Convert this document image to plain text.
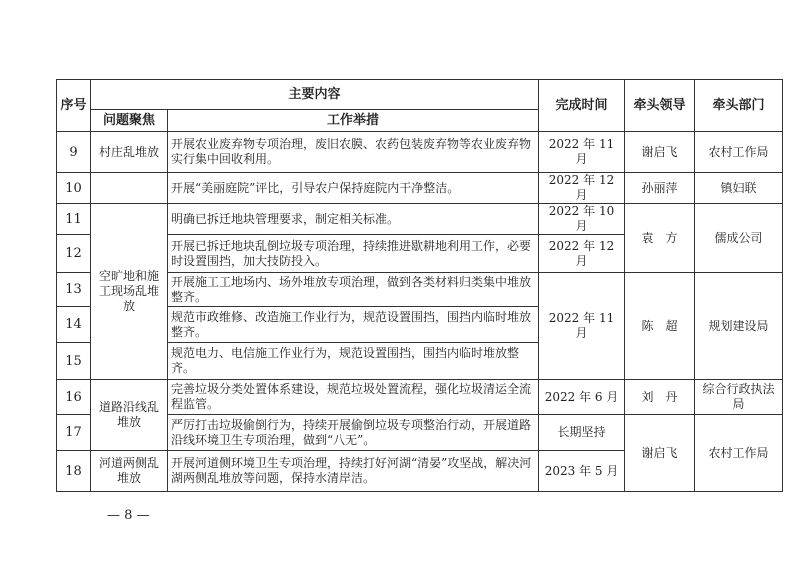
序号	主要内容		完成时间	牵头领导	牵头部门
	问题聚焦	工作举措			
9	村庄乱堆放	开展农业废弃物专项治理，废旧农膜、农药包装废弃物等农业废弃物实行集中回收利用。	2022 年 11 月	谢启飞	农村工作局
10		开展“美丽庭院”评比，引导农户保持庭院内干净整洁。	2022 年 12 月	孙丽萍	镇妇联
11	空旷地和施工现场乱堆放	明确已拆迁地块管理要求，制定相关标准。	2022 年 10 月	袁　方	儒成公司
12		开展已拆迁地块乱倒垃圾专项治理，持续推进歇耕地利用工作，必要时设置围挡，加大技防投入。	2022 年 12 月		
13		开展施工工地场内、场外堆放专项治理，做到各类材料归类集中堆放整齐。	2022 年 11 月	陈　超	规划建设局
14		规范市政维修、改造施工作业行为，规范设置围挡，围挡内临时堆放整齐。			
15		规范电力、电信施工作业行为，规范设置围挡，围挡内临时堆放整齐。			
16	道路沿线乱堆放	完善垃圾分类处置体系建设，规范垃圾处置流程，强化垃圾清运全流程监管。	2022 年 6 月	刘　丹	综合行政执法局
17		严厉打击垃圾偷倒行为，持续开展偷倒垃圾专项整治行动，开展道路沿线环境卫生专项治理，做到“八无”。	长期坚持	谢启飞	农村工作局
18	河道两侧乱堆放	开展河道侧环境卫生专项治理，持续打好河湖“清晏”攻坚战，解决河湖两侧乱堆放等问题，保持水清岸洁。	2023 年 5 月		
— 8 —
